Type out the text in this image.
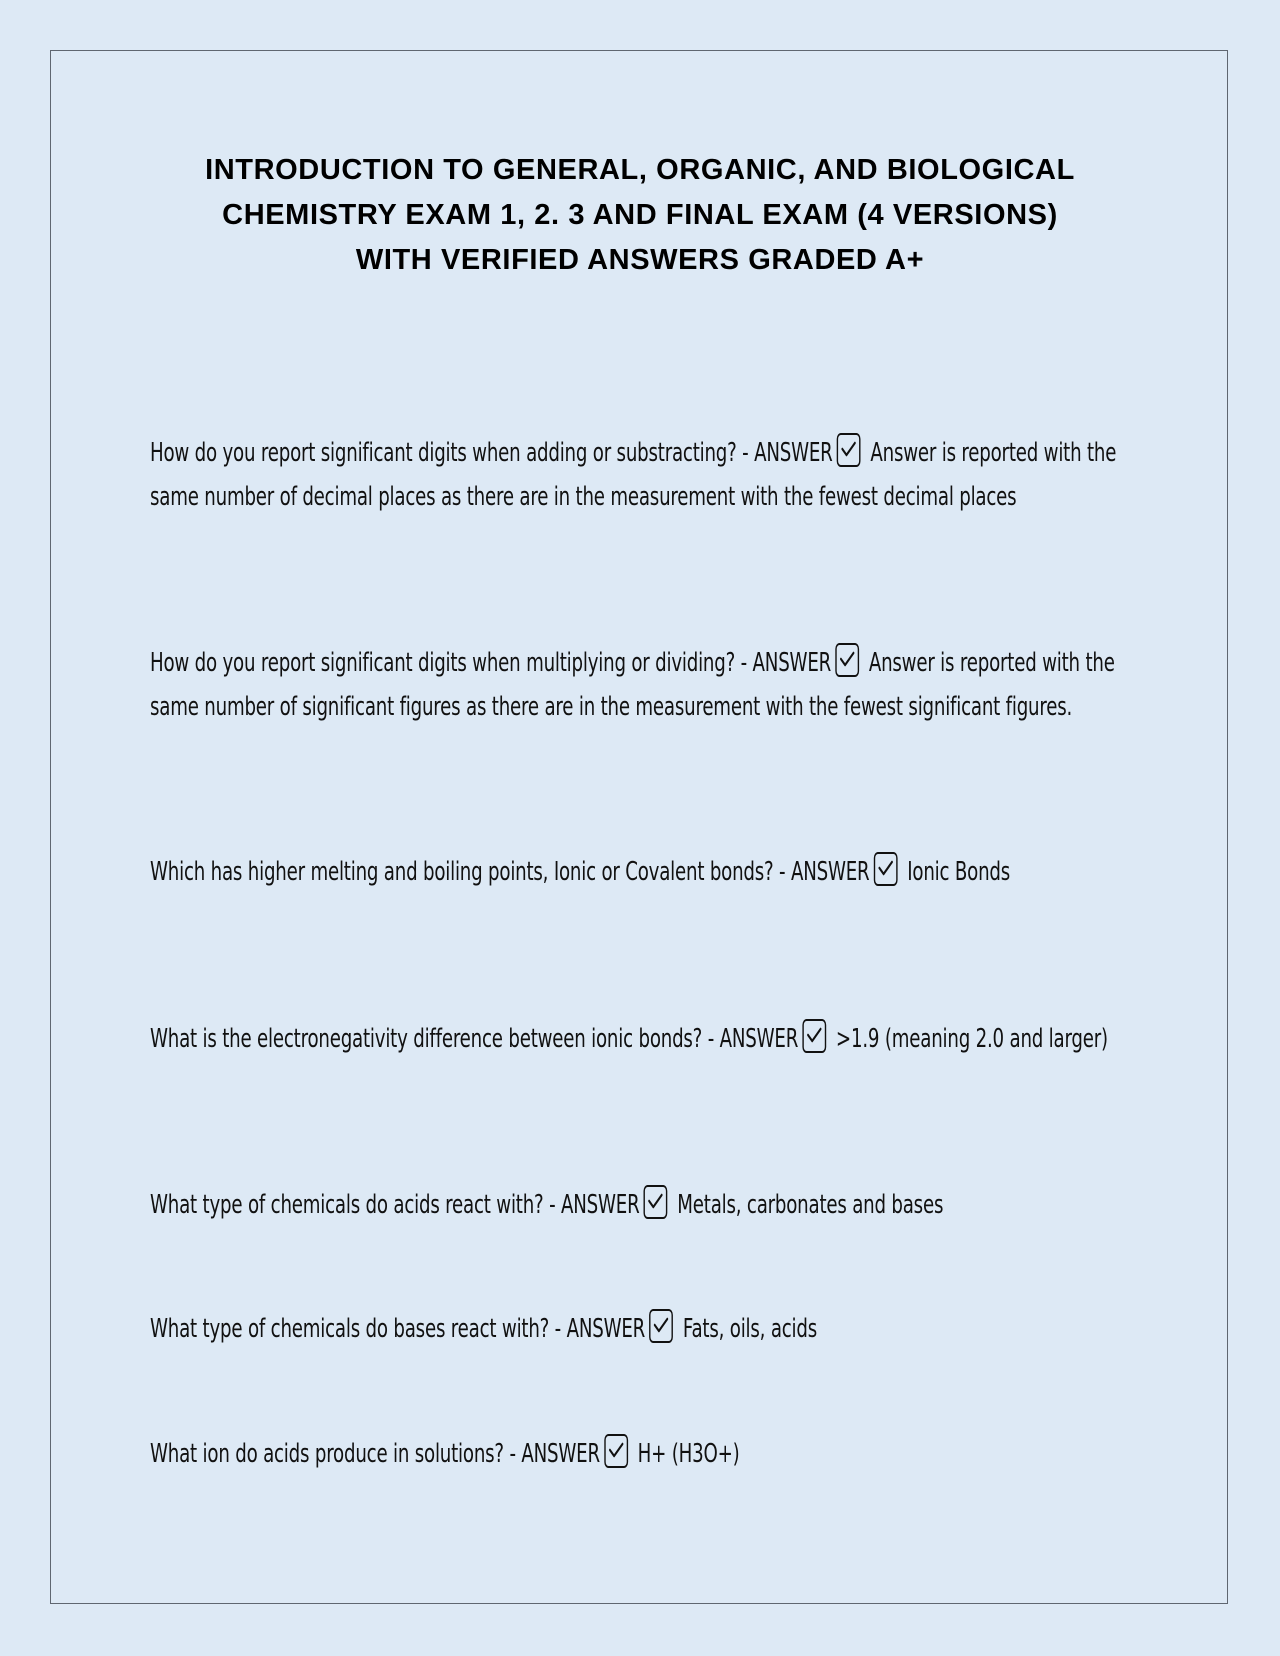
INTRODUCTION TO GENERAL, ORGANIC, AND BIOLOGICAL
CHEMISTRY EXAM 1, 2. 3 AND FINAL EXAM (4 VERSIONS)
WITH VERIFIED ANSWERS GRADED A+

How do you report significant digits when adding or substracting? - ANSWER Answer is reported with the same number of decimal places as there are in the measurement with the fewest decimal places

How do you report significant digits when multiplying or dividing? - ANSWER Answer is reported with the same number of significant figures as there are in the measurement with the fewest significant figures.

Which has higher melting and boiling points, Ionic or Covalent bonds? - ANSWER Ionic Bonds

What is the electronegativity difference between ionic bonds? - ANSWER >1.9 (meaning 2.0 and larger)

What type of chemicals do acids react with? - ANSWER Metals, carbonates and bases

What type of chemicals do bases react with? - ANSWER Fats, oils, acids

What ion do acids produce in solutions? - ANSWER H+ (H3O+)
